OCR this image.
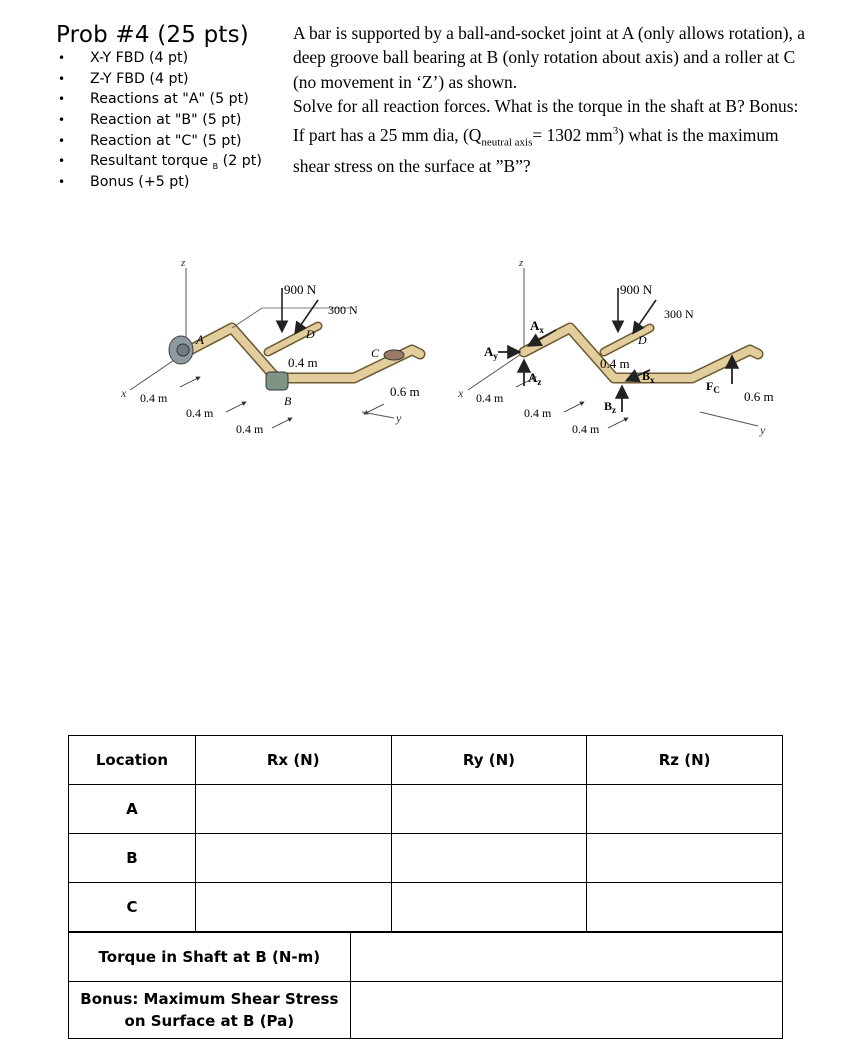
Prob #4 (25 pts)
• X-Y FBD (4 pt)
• Z-Y FBD (4 pt)
• Reactions at "A" (5 pt)
• Reaction at "B" (5 pt)
• Reaction at "C" (5 pt)
• Resultant torque $_B$ (2 pt)
• Bonus (+5 pt)

A bar is supported by a ball-and-socket joint at A (only allows rotation), a deep groove ball bearing at B (only rotation about axis) and a roller at C (no movement in ‘Z’) as shown.

Solve for all reaction forces. What is the torque in the shaft at B? Bonus: If part has a 25 mm dia, ($Q_{neutral axis}= 1302$ $mm^3$) what is the maximum shear stress on the surface at ”B”?

z
x
900 N
300 N
A
B
C
D
0.4 m
0.4 m
0.4 m
0.4 m
0.6 m
y
z
x
900 N
300 N
$A_x$
$A_y$
$A_z$	$B_x$
$B_z$
$F_C$
D
0.4 m
0.4 m
0.4 m
0.4 m
0.6 m
y
Location	Rx (N)	Ry (N)	Rz (N)
A			
B			
C			
Torque in Shaft at B (N-m)	

Bonus: Maximum Shear Stress
on Surface at B (Pa)	
